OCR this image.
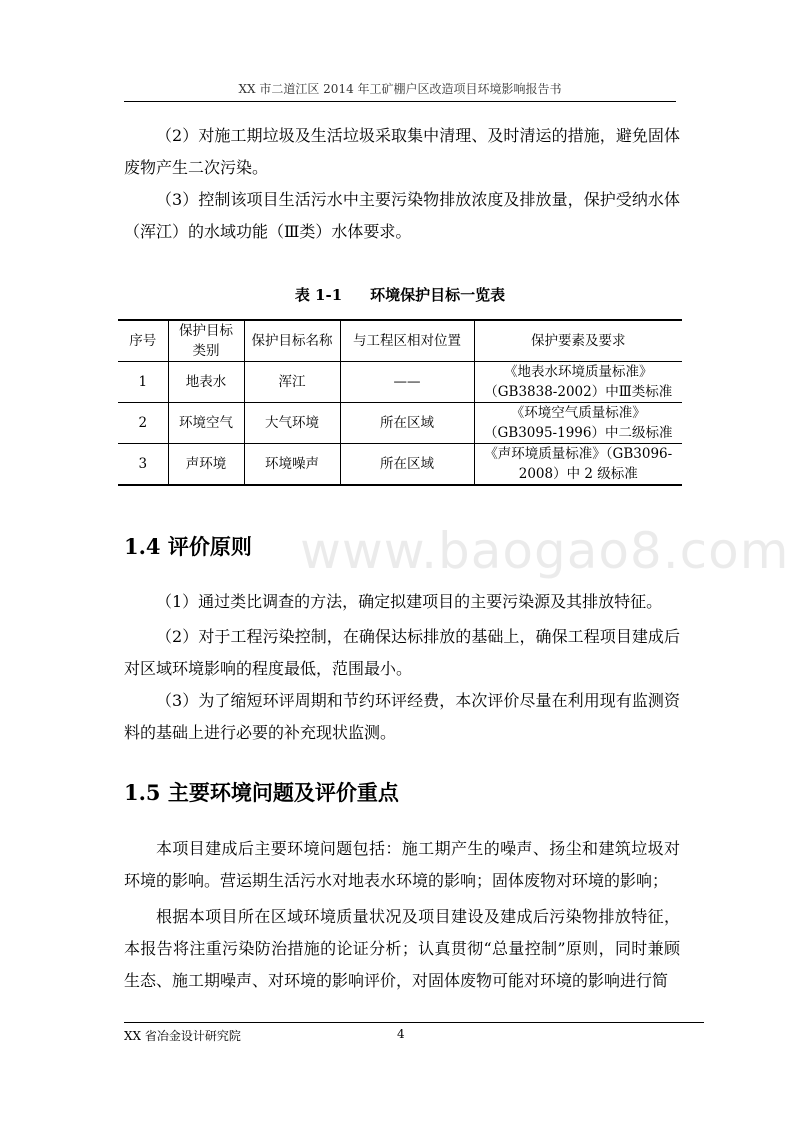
XX 市二道江区 2014 年工矿棚户区改造项目环境影响报告书

（2）对施工期垃圾及生活垃圾采取集中清理、及时清运的措施，避免固体废物产生二次污染。

（3）控制该项目生活污水中主要污染物排放浓度及排放量，保护受纳水体（浑江）的水域功能（Ⅲ类）水体要求。

表 1-1 环境保护目标一览表
序号	保护目标类别	保护目标名称	与工程区相对位置	保护要素及要求
1	地表水	浑江	——	《地表水环境质量标准》（GB3838-2002）中Ⅲ类标准
2	环境空气	大气环境	所在区域	《环境空气质量标准》（GB3095-1996）中二级标准
3	声环境	环境噪声	所在区域	《声环境质量标准》（GB3096-2008）中 2 级标准
www.baogao8.com
1.4 评价原则

（1）通过类比调查的方法，确定拟建项目的主要污染源及其排放特征。

（2）对于工程污染控制，在确保达标排放的基础上，确保工程项目建成后对区域环境影响的程度最低，范围最小。

（3）为了缩短环评周期和节约环评经费，本次评价尽量在利用现有监测资料的基础上进行必要的补充现状监测。

1.5 主要环境问题及评价重点

本项目建成后主要环境问题包括：施工期产生的噪声、扬尘和建筑垃圾对环境的影响。营运期生活污水对地表水环境的影响；固体废物对环境的影响；

根据本项目所在区域环境质量状况及项目建设及建成后污染物排放特征，本报告将注重污染防治措施的论证分析；认真贯彻“总量控制”原则，同时兼顾生态、施工期噪声、对环境的影响评价，对固体废物可能对环境的影响进行简

XX 省冶金设计研究院	4
